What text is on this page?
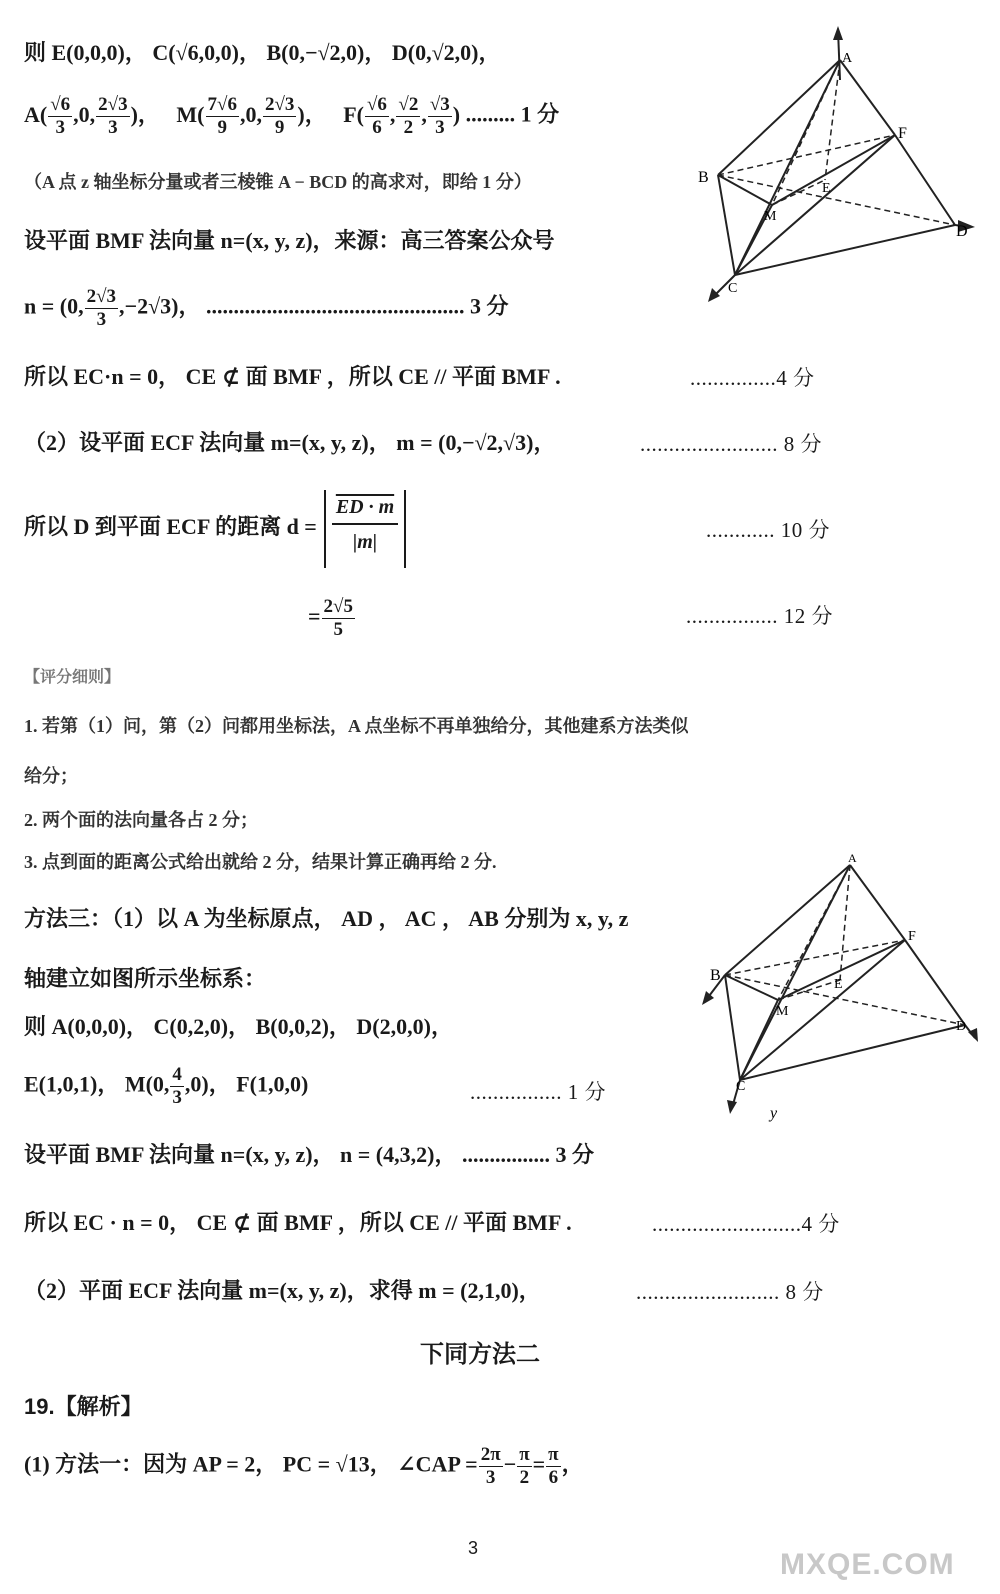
则 E(0,0,0)， C(√6,0,0)， B(0,−√2,0)， D(0,√2,0)，
$A( \frac{√6}{3} ,0$, $\frac{2√3}{3}$ )， $M( \frac{7√6}{9} ,0$, $\frac{2√3}{9}$ )， $F( \frac{√6}{6}$ , $\frac{√2}{2}$ , $\frac{√3}{3}$ ) ......... 1 分
（A 点 z 轴坐标分量或者三棱锥 A − BCD 的高求对，即给 1 分）
设平面 BMF 法向量 n=(x, y, z)，来源：高三答案公众号
n = (0, $\frac{2√3}{3} ,-2√3$)， ............................................... 3 分
所以 EC·n = 0， CE ⊄ 面 BMF ，所以 CE // 平面 BMF .	...............4 分
（2）设平面 ECF 法向量 m=(x, y, z)， m = (0,−√2,√3)，	........................ 8 分
所以 D 到平面 ECF 的距离 d =
ED · m
|m|	............ 10 分
= $\frac{2√5}{5}$	................ 12 分
A
B
C
D
E
F
M
【评分细则】
1. 若第（1）问，第（2）问都用坐标法，A 点坐标不再单独给分，其他建系方法类似
给分；
2. 两个面的法向量各占 2 分；
3. 点到面的距离公式给出就给 2 分，结果计算正确再给 2 分.
方法三：（1）以 A 为坐标原点， AD ， AC ， AB 分别为 x, y, z
轴建立如图所示坐标系：
则 A(0,0,0)， C(0,2,0)， B(0,0,2)， D(2,0,0)，
E(1,0,1)， M(0, $\frac{4}{3} ,0$)， F(1,0,0)	................ 1 分
设平面 BMF 法向量 n=(x, y, z)， n = (4,3,2)， ................ 3 分
所以 EC · n = 0， CE ⊄ 面 BMF ，所以 CE // 平面 BMF .	..........................4 分
（2）平面 ECF 法向量 m=(x, y, z)，求得 m = (2,1,0)，	......................... 8 分
下同方法二
A
B
C
D
E
F
M
y
19.【解析】
(1) 方法一：因为 AP = 2， PC = √13， ∠CAP = $\frac{2\pi}{3} - \frac{\pi}{2} = \frac{\pi}{6}$ ，
3	MXQE.COM
